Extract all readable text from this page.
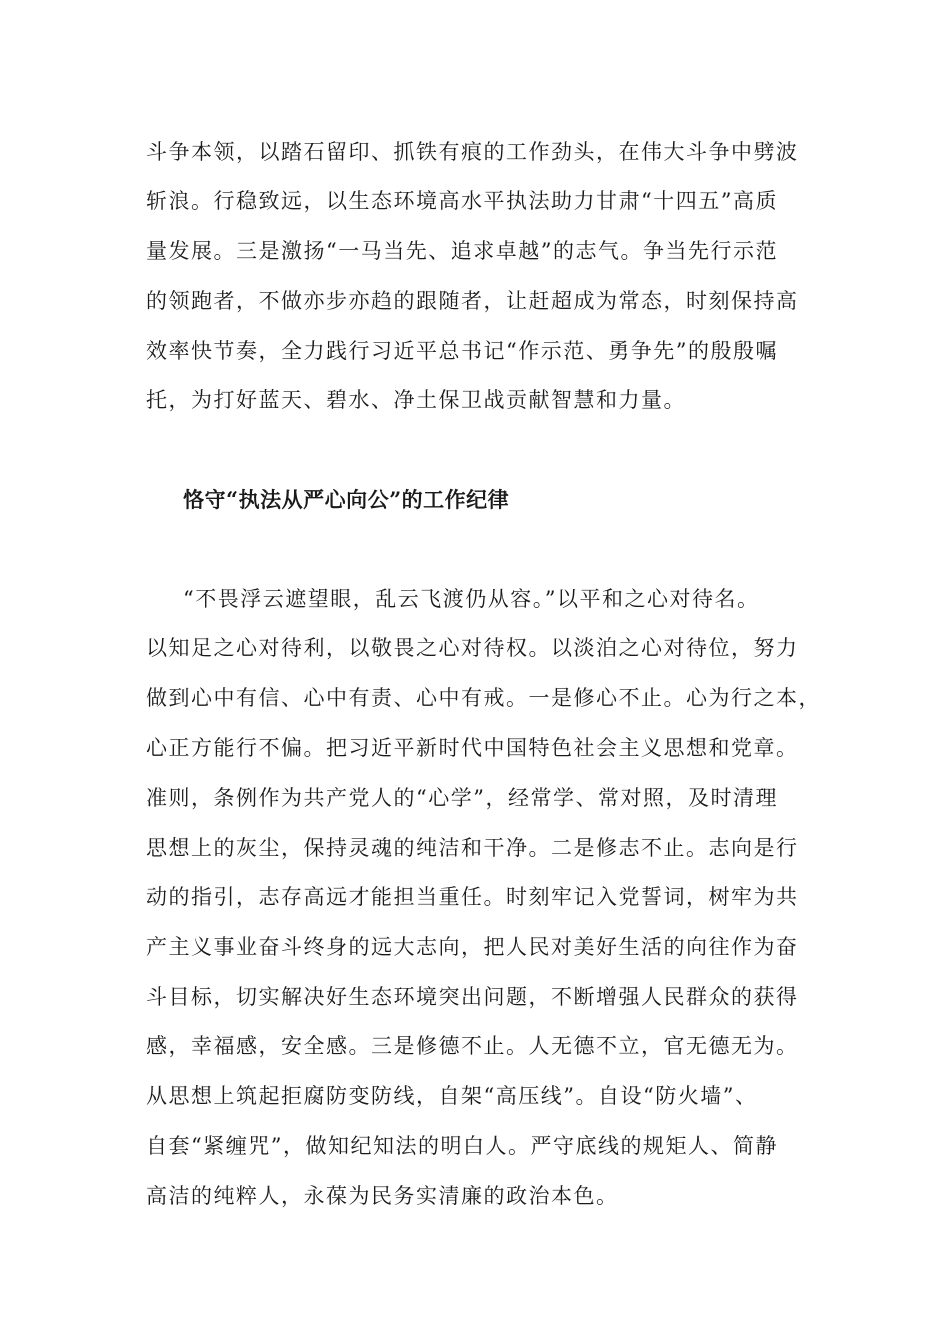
斗争本领，以踏石留印、抓铁有痕的工作劲头，在伟大斗争中劈波
斩浪。行稳致远，以生态环境高水平执法助力甘肃“十四五”高质
量发展。三是激扬“一马当先、追求卓越”的志气。争当先行示范
的领跑者，不做亦步亦趋的跟随者，让赶超成为常态，时刻保持高
效率快节奏，全力践行习近平总书记“作示范、勇争先”的殷殷嘱
托，为打好蓝天、碧水、净土保卫战贡献智慧和力量。
恪守“执法从严心向公”的工作纪律
“不畏浮云遮望眼，乱云飞渡仍从容。”以平和之心对待名。
以知足之心对待利，以敬畏之心对待权。以淡泊之心对待位，努力
做到心中有信、心中有责、心中有戒。一是修心不止。心为行之本，
心正方能行不偏。把习近平新时代中国特色社会主义思想和党章。
准则，条例作为共产党人的“心学”，经常学、常对照，及时清理
思想上的灰尘，保持灵魂的纯洁和干净。二是修志不止。志向是行
动的指引，志存高远才能担当重任。时刻牢记入党誓词，树牢为共
产主义事业奋斗终身的远大志向，把人民对美好生活的向往作为奋
斗目标，切实解决好生态环境突出问题，不断增强人民群众的获得
感，幸福感，安全感。三是修德不止。人无德不立，官无德无为。
从思想上筑起拒腐防变防线，自架“高压线”。自设“防火墙”、
自套“紧缠咒”，做知纪知法的明白人。严守底线的规矩人、简静
高洁的纯粹人，永葆为民务实清廉的政治本色。
